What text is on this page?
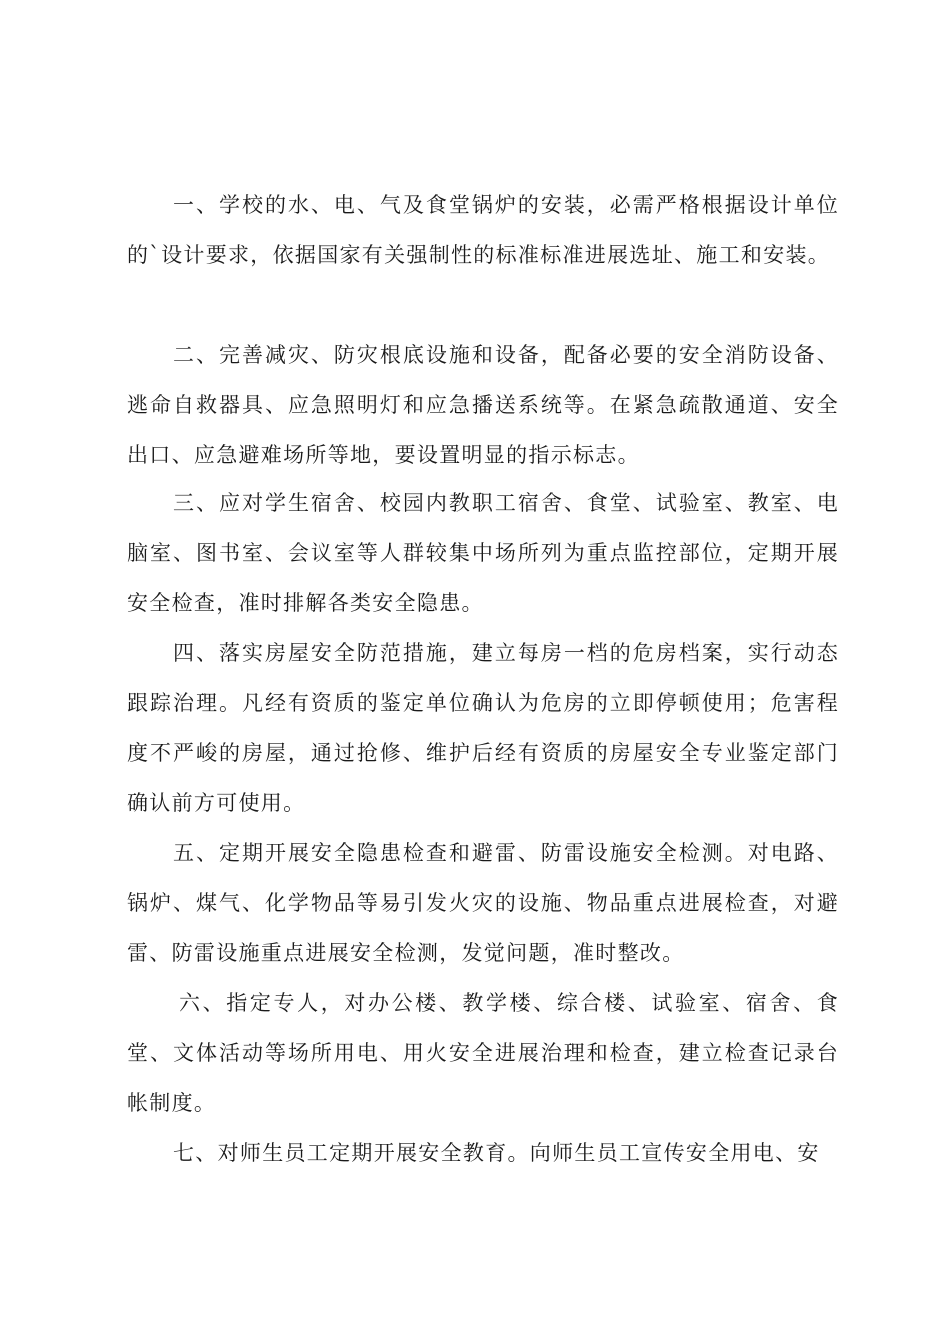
一、学校的水、电、气及食堂锅炉的安装，必需严格根据设计单位的`设计要求，依据国家有关强制性的标准标准进展选址、施工和安装。

二、完善减灾、防灾根底设施和设备，配备必要的安全消防设备、逃命自救器具、应急照明灯和应急播送系统等。在紧急疏散通道、安全出口、应急避难场所等地，要设置明显的指示标志。

三、应对学生宿舍、校园内教职工宿舍、食堂、试验室、教室、电脑室、图书室、会议室等人群较集中场所列为重点监控部位，定期开展安全检查，准时排解各类安全隐患。

四、落实房屋安全防范措施，建立每房一档的危房档案，实行动态跟踪治理。凡经有资质的鉴定单位确认为危房的立即停顿使用；危害程度不严峻的房屋，通过抢修、维护后经有资质的房屋安全专业鉴定部门确认前方可使用。

五、定期开展安全隐患检查和避雷、防雷设施安全检测。对电路、锅炉、煤气、化学物品等易引发火灾的设施、物品重点进展检查，对避雷、防雷设施重点进展安全检测，发觉问题，准时整改。

六、指定专人，对办公楼、教学楼、综合楼、试验室、宿舍、食堂、文体活动等场所用电、用火安全进展治理和检查，建立检查记录台帐制度。

七、对师生员工定期开展安全教育。向师生员工宣传安全用电、安
